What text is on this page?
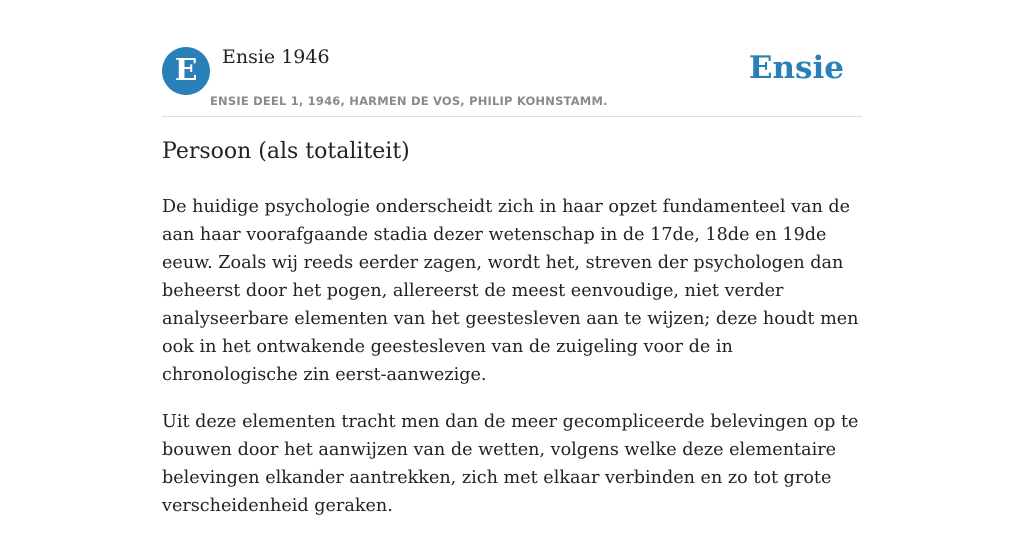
E	Ensie 1946
ENSIE DEEL 1, 1946, HARMEN DE VOS, PHILIP KOHNSTAMM.
Ensie
Persoon (als totaliteit)

De huidige psychologie onderscheidt zich in haar opzet fundamenteel van de aan haar voorafgaande stadia dezer wetenschap in de 17de, 18de en 19de eeuw. Zoals wij reeds eerder zagen, wordt het, streven der psychologen dan beheerst door het pogen, allereerst de meest eenvoudige, niet verder analyseerbare elementen van het geestesleven aan te wijzen; deze houdt men ook in het ontwakende geestesleven van de zuigeling voor de in chronologische zin eerst-aanwezige.

Uit deze elementen tracht men dan de meer gecompliceerde belevingen op te bouwen door het aanwijzen van de wetten, volgens welke deze elementaire belevingen elkander aantrekken, zich met elkaar verbinden en zo tot grote verscheidenheid geraken.
